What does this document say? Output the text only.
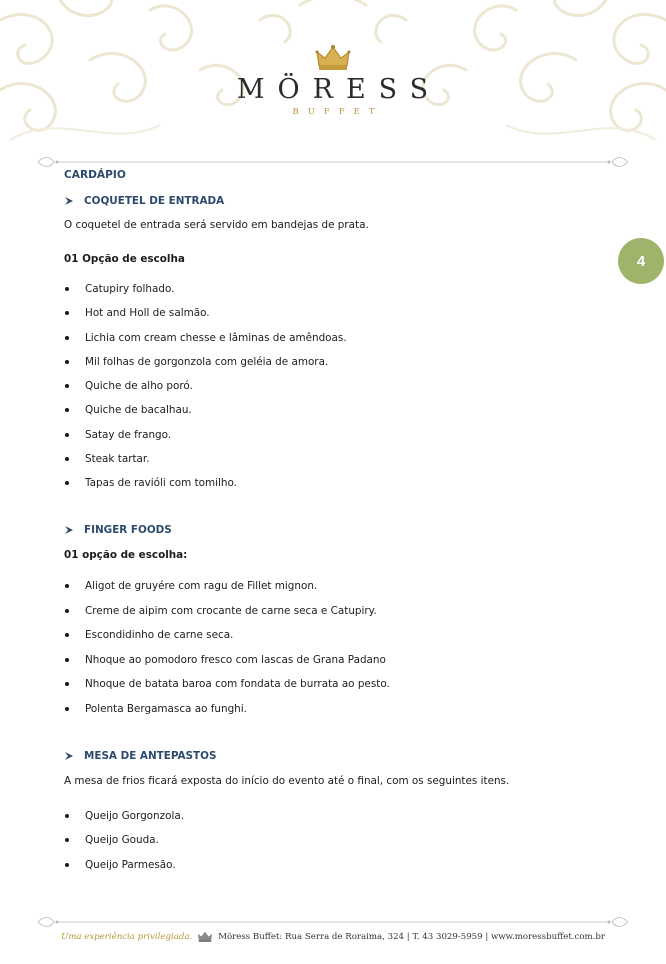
MÖRESS
BUFFET
4
CARDÁPIO
COQUETEL DE ENTRADA
O coquetel de entrada será servido em bandejas de prata.
01 Opção de escolha
Catupiry folhado.
Hot and Holl de salmão.
Lichia com cream chesse e lâminas de amêndoas.
Mil folhas de gorgonzola com geléia de amora.
Quiche de alho poró.
Quiche de bacalhau.
Satay de frango.
Steak tartar.
Tapas de ravióli com tomilho.
FINGER FOODS
01 opção de escolha:
Aligot de gruyére com ragu de Fillet mignon.
Creme de aipim com crocante de carne seca e Catupiry.
Escondidinho de carne seca.
Nhoque ao pomodoro fresco com lascas de Grana Padano
Nhoque de batata baroa com fondata de burrata ao pesto.
Polenta Bergamasca ao funghi.
MESA DE ANTEPASTOS
A mesa de frios ficará exposta do início do evento até o final, com os seguintes itens.
Queijo Gorgonzola.
Queijo Gouda.
Queijo Parmesão.
Uma experiência privilegiada.	Möress Buffet: Rua Serra de Roraima, 324 | T. 43 3029-5959 | www.moressbuffet.com.br
